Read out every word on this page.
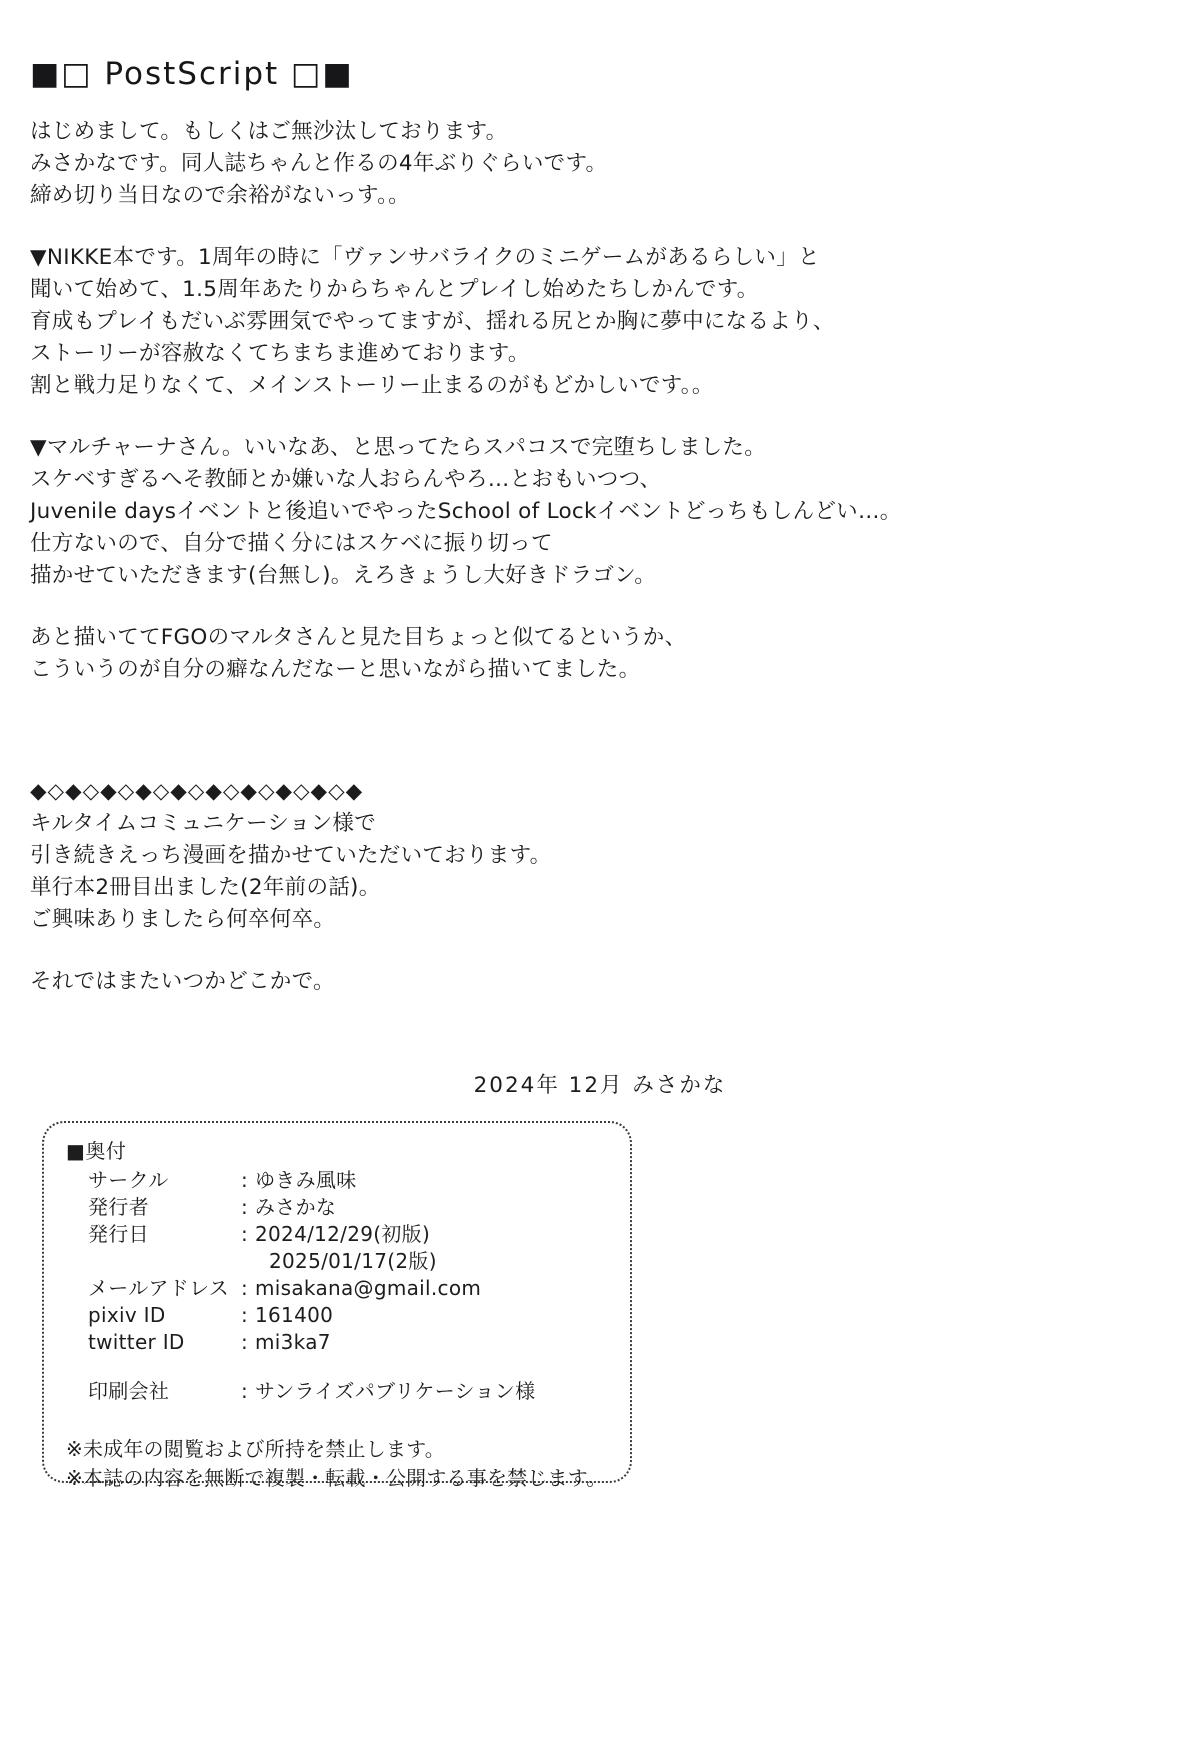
■□ PostScript □■
はじめまして。もしくはご無沙汰しております。
みさかなです。同人誌ちゃんと作るの4年ぶりぐらいです。
締め切り当日なので余裕がないっす。。
▼NIKKE本です。1周年の時に「ヴァンサバライクのミニゲームがあるらしい」と
聞いて始めて、1.5周年あたりからちゃんとプレイし始めたちしかんです。
育成もプレイもだいぶ雰囲気でやってますが、揺れる尻とか胸に夢中になるより、
ストーリーが容赦なくてちまちま進めております。
割と戦力足りなくて、メインストーリー止まるのがもどかしいです。。
▼マルチャーナさん。いいなあ、と思ってたらスパコスで完堕ちしました。
スケベすぎるへそ教師とか嫌いな人おらんやろ…とおもいつつ、
Juvenile daysイベントと後追いでやったSchool of Lockイベントどっちもしんどい…。
仕方ないので、自分で描く分にはスケベに振り切って
描かせていただきます(台無し)。えろきょうし大好きドラゴン。
あと描いててFGOのマルタさんと見た目ちょっと似てるというか、
こういうのが自分の癖なんだなーと思いながら描いてました。
◆◇◆◇◆◇◆◇◆◇◆◇◆◇◆◇◆◇◆
キルタイムコミュニケーション様で
引き続きえっち漫画を描かせていただいております。
単行本2冊目出ました(2年前の話)。
ご興味ありましたら何卒何卒。
それではまたいつかどこかで。
2024年 12月 みさかな
■奥付
サークル	: ゆきみ風味
発行者	: みさかな
発行日	: 2024/12/29(初版)
2025/01/17(2版)
メールアドレス : misakana@gmail.com
pixiv ID	: 161400
twitter ID	: mi3ka7
印刷会社	: サンライズパブリケーション様
※未成年の閲覧および所持を禁止します。
※本誌の内容を無断で複製・転載・公開する事を禁じます。
